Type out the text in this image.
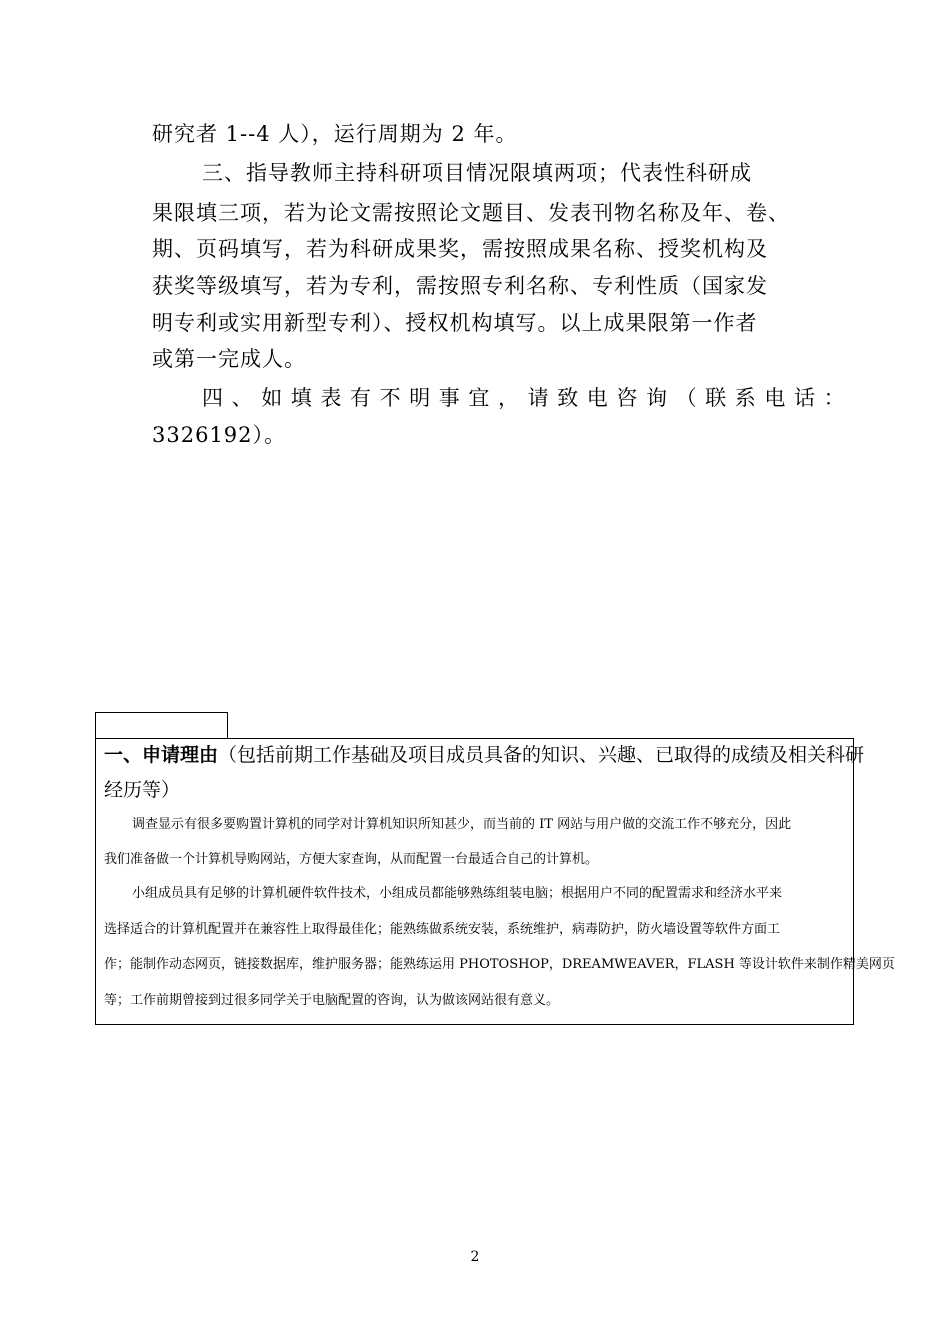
研究者 1--4 人），运行周期为 2 年。

三、指导教师主持科研项目情况限填两项；代表性科研成

果限填三项，若为论文需按照论文题目、发表刊物名称及年、卷、

期、页码填写，若为科研成果奖，需按照成果名称、授奖机构及

获奖等级填写，若为专利，需按照专利名称、专利性质（国家发

明专利或实用新型专利）、授权机构填写。以上成果限第一作者

或第一完成人。

四、如填表有不明事宜，请致电咨询（联系电话：

3326192）。

一、申请理由（包括前期工作基础及项目成员具备的知识、兴趣、已取得的成绩及相关科研

经历等）

调查显示有很多要购置计算机的同学对计算机知识所知甚少，而当前的 IT 网站与用户做的交流工作不够充分，因此

我们准备做一个计算机导购网站，方便大家查询，从而配置一台最适合自己的计算机。

小组成员具有足够的计算机硬件软件技术，小组成员都能够熟练组装电脑；根据用户不同的配置需求和经济水平来

选择适合的计算机配置并在兼容性上取得最佳化；能熟练做系统安装，系统维护，病毒防护，防火墙设置等软件方面工

作；能制作动态网页，链接数据库，维护服务器；能熟练运用 PHOTOSHOP，DREAMWEAVER，FLASH 等设计软件来制作精美网页

等；工作前期曾接到过很多同学关于电脑配置的咨询，认为做该网站很有意义。

2
